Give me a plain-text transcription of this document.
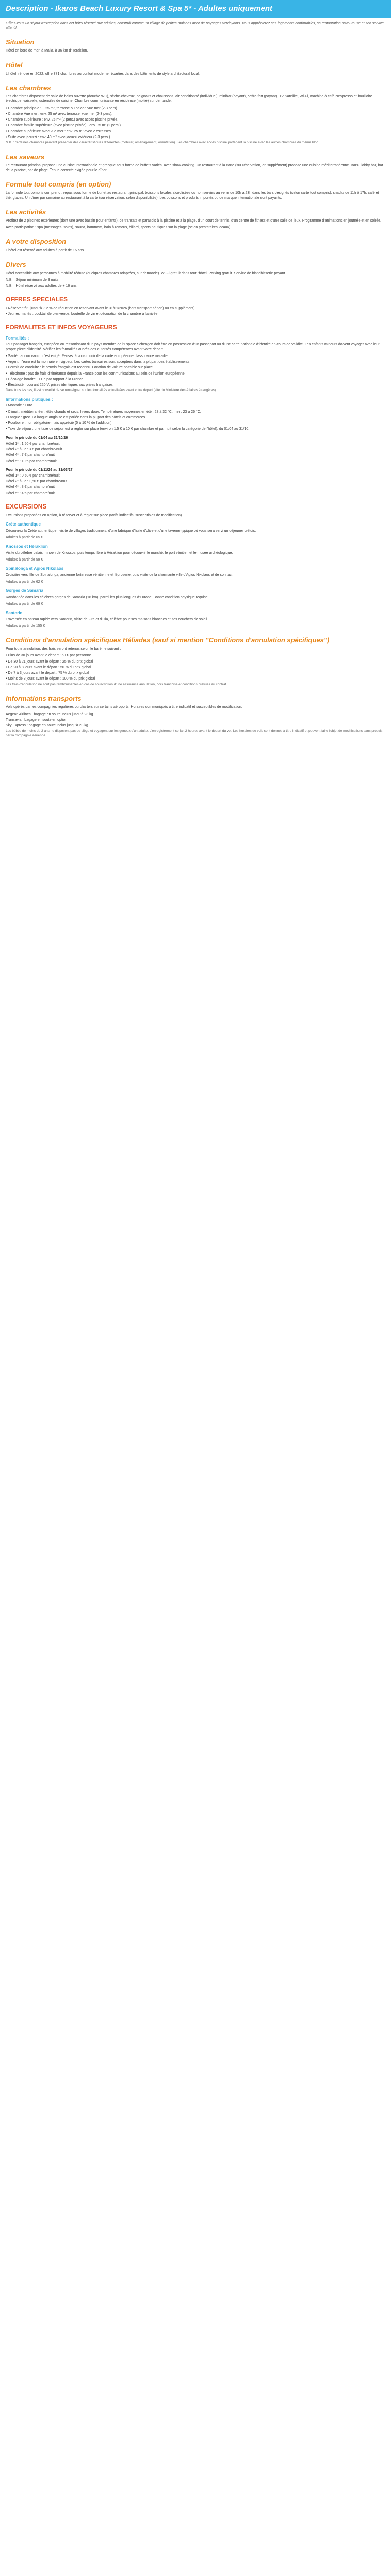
Description - Ikaros Beach Luxury Resort & Spa 5* - Adultes uniquement

Offrez-vous un séjour d'exception dans cet hôtel réservé aux adultes, construit comme un village de petites maisons avec de paysages verdoyants. Vous apprécierez ses logements confortables, sa restauration savoureuse et son service attentif.

Situation

Hôtel en bord de mer, à Malia, à 36 km d'Heraklion.

Hôtel

L'hôtel, rénové en 2022, offre 371 chambres au confort moderne réparties dans des bâtiments de style architectural local.

Les chambres

Les chambres disposent de salle de bains ouverte (douche WC), sèche-cheveux, peignoirs et chaussons, air conditionné (individuel), minibar (payant), coffre-fort (payant), TV Satellite, Wi-Fi, machine à café Nespresso et bouilloire électrique, vaisselle, ustensiles de cuisine. Chambre communicante en résidence (moitié) sur demande.

• Chambre principale : ~ 25 m², terrasse ou balcon vue mer (2-3 pers).

• Chambre Vue mer : env. 25 m² avec terrasse, vue mer (2-3 pers).

• Chambre supérieure : env. 25 m² (2 pers.) avec accès piscine privée.

• Chambre famille supérieure (avec piscine privée) : env. 35 m² (2 pers.).

• Chambre supérieure avec vue mer : env. 25 m² avec 2 terrasses.

• Suite avec jacuzzi : env. 40 m² avec jacuzzi extérieur (2-3 pers.).

N.B. : certaines chambres peuvent présenter des caractéristiques différentes (mobilier, aménagement, orientation). Les chambres avec accès piscine partagent la piscine avec les autres chambres du même bloc.

Les saveurs

Le restaurant principal propose une cuisine internationale et grecque sous forme de buffets variés, avec show-cooking. Un restaurant à la carte (sur réservation, en supplément) propose une cuisine méditerranéenne. Bars : lobby bar, bar de la piscine, bar de plage. Tenue correcte exigée pour le dîner.

Formule tout compris (en option)

La formule tout compris comprend : repas sous forme de buffet au restaurant principal, boissons locales alcoolisées ou non servies au verre de 10h à 23h dans les bars désignés (selon carte tout compris), snacks de 11h à 17h, café et thé, glaces. Un dîner par semaine au restaurant à la carte (sur réservation, selon disponibilités). Les boissons et produits importés ou de marque internationale sont payants.

Les activités

Profitez de 2 piscines extérieures (dont une avec bassin pour enfants), de transats et parasols à la piscine et à la plage, d'un court de tennis, d'un centre de fitness et d'une salle de jeux. Programme d'animations en journée et en soirée.

Avec participation : spa (massages, soins), sauna, hammam, bain à remous, billard, sports nautiques sur la plage (selon prestataires locaux).

A votre disposition

L'hôtel est réservé aux adultes à partir de 16 ans.

Divers

Hôtel accessible aux personnes à mobilité réduite (quelques chambres adaptées, sur demande). Wi-Fi gratuit dans tout l'hôtel. Parking gratuit. Service de blanchisserie payant.

N.B. : Séjour minimum de 3 nuits.

N.B. : Hôtel réservé aux adultes de + 16 ans.

OFFRES SPECIALES

• Réserver tôt : jusqu'à -12 % de réduction en réservant avant le 31/01/2026 (hors transport aérien) ou en supplément).

• Jeunes mariés : cocktail de bienvenue, bouteille de vin et décoration de la chambre à l'arrivée.

FORMALITES ET INFOS VOYAGEURS
Formalités :

Tout passager français, européen ou ressortissant d'un pays membre de l'Espace Schengen doit être en possession d'un passeport ou d'une carte nationale d'identité en cours de validité. Les enfants mineurs doivent voyager avec leur propre pièce d'identité. Vérifiez les formalités auprès des autorités compétentes avant votre départ.

• Santé : aucun vaccin n'est exigé. Pensez à vous munir de la carte européenne d'assurance maladie.

• Argent : l'euro est la monnaie en vigueur. Les cartes bancaires sont acceptées dans la plupart des établissements.

• Permis de conduire : le permis français est reconnu. Location de voiture possible sur place.

• Téléphone : pas de frais d'itinérance depuis la France pour les communications au sein de l'Union européenne.

• Décalage horaire : +1 h par rapport à la France.

• Électricité : courant 220 V, prises identiques aux prises françaises.

Dans tous les cas, il est conseillé de se renseigner sur les formalités actualisées avant votre départ (site du Ministère des Affaires étrangères).

Informations pratiques :

• Monnaie : Euro

• Climat : méditerranéen, étés chauds et secs, hivers doux. Températures moyennes en été : 28 à 32 °C, mer : 23 à 26 °C.

• Langue : grec. La langue anglaise est parlée dans la plupart des hôtels et commerces.

• Pourboire : non obligatoire mais apprécié (5 à 10 % de l'addition).

• Taxe de séjour : une taxe de séjour est à régler sur place (environ 1,5 € à 10 € par chambre et par nuit selon la catégorie de l'hôtel), du 01/04 au 31/10.

Pour le période du 01/04 au 31/10/26

Hôtel 1* : 1,50 € par chambre/nuit

Hôtel 2* à 3* : 3 € par chambre/nuit

Hôtel 4* : 7 € par chambre/nuit

Hôtel 5* : 10 € par chambre/nuit

Pour le période du 01/11/26 au 31/03/27

Hôtel 1* : 0,50 € par chambre/nuit

Hôtel 2* à 3* : 1,50 € par chambre/nuit

Hôtel 4* : 3 € par chambre/nuit

Hôtel 5* : 4 € par chambre/nuit

EXCURSIONS

Excursions proposées en option, à réserver et à régler sur place (tarifs indicatifs, susceptibles de modification).

Crète authentique

Découvrez la Crète authentique : visite de villages traditionnels, d'une fabrique d'huile d'olive et d'une taverne typique où vous sera servi un déjeuner crétois.

Adultes à partir de 65 €

Knossos et Héraklion

Visite du célèbre palais minoen de Knossos, puis temps libre à Héraklion pour découvrir le marché, le port vénitien et le musée archéologique.

Adultes à partir de 59 €

Spinalonga et Agios Nikolaos

Croisière vers l'île de Spinalonga, ancienne forteresse vénitienne et léproserie, puis visite de la charmante ville d'Agios Nikolaos et de son lac.

Adultes à partir de 62 €

Gorges de Samaria

Randonnée dans les célèbres gorges de Samaria (16 km), parmi les plus longues d'Europe. Bonne condition physique requise.

Adultes à partir de 69 €

Santorin

Traversée en bateau rapide vers Santorin, visite de Fira et d'Oia, célèbre pour ses maisons blanches et ses couchers de soleil.

Adultes à partir de 155 €

Conditions d'annulation spécifiques Héliades (sauf si mention "Conditions d'annulation spécifiques")

Pour toute annulation, des frais seront retenus selon le barème suivant :

• Plus de 30 jours avant le départ : 50 € par personne

• De 30 à 21 jours avant le départ : 25 % du prix global

• De 20 à 8 jours avant le départ : 50 % du prix global

• De 7 à 3 jours avant le départ : 75 % du prix global

• Moins de 3 jours avant le départ : 100 % du prix global

Les frais d'annulation ne sont pas remboursables en cas de souscription d'une assurance annulation, hors franchise et conditions prévues au contrat.

Informations transports

Vols opérés par les compagnies régulières ou charters sur certains aéroports. Horaires communiqués à titre indicatif et susceptibles de modification.

Aegean Airlines : bagage en soute inclus jusqu'à 23 kg

Transavia : bagage en soute en option

Sky Express : bagage en soute inclus jusqu'à 23 kg

Les bébés de moins de 2 ans ne disposent pas de siège et voyagent sur les genoux d'un adulte. L'enregistrement se fait 2 heures avant le départ du vol. Les horaires de vols sont donnés à titre indicatif et peuvent faire l'objet de modifications sans préavis par la compagnie aérienne.
